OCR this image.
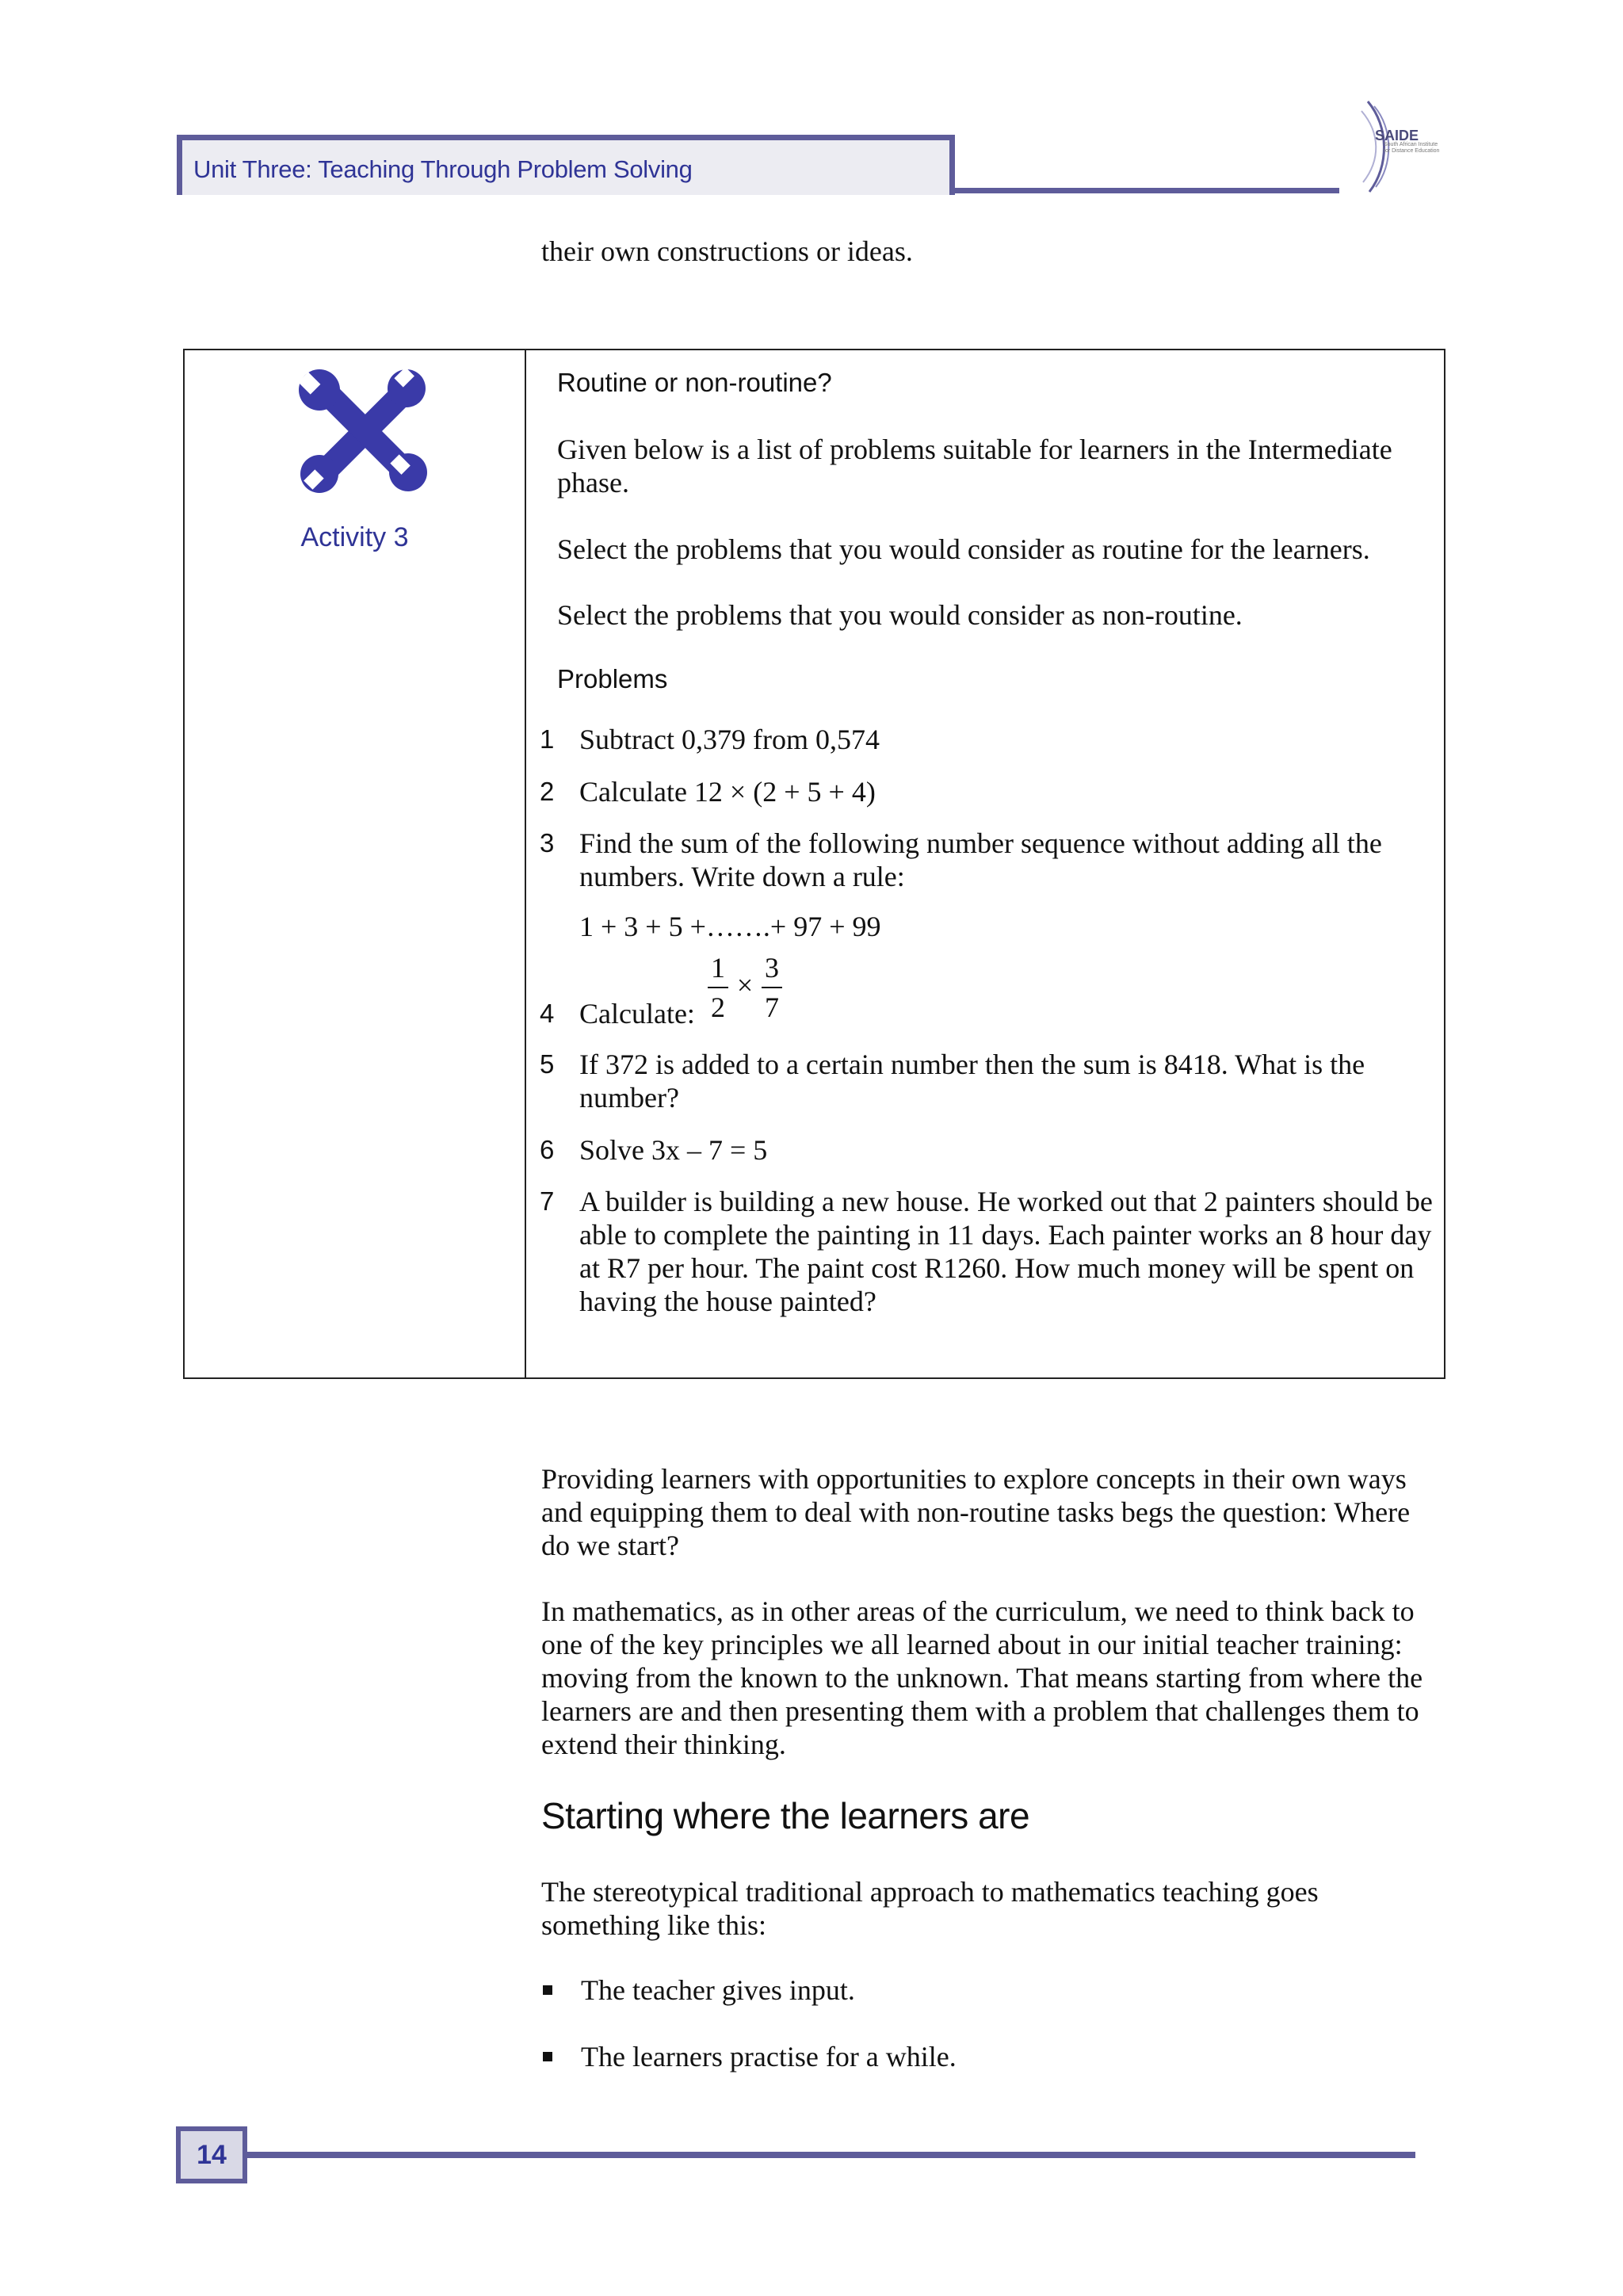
Unit Three: Teaching Through Problem Solving
South African Institute
for Distance Education
SAIDE
their own constructions or ideas.
Activity 3
Routine or non-routine?
Given below is a list of problems suitable for learners in the Intermediate phase.
Select the problems that you would consider as routine for the learners.
Select the problems that you would consider as non-routine.
Problems
1 Subtract 0,379 from 0,574
2 Calculate 12 × (2 + 5 + 4)
3 Find the sum of the following number sequence without adding all the numbers. Write down a rule:
1 + 3 + 5 +…….+ 97 + 99
4 Calculate:
1
2
×
3
7
5 If 372 is added to a certain number then the sum is 8418. What is the number?
6 Solve 3x – 7 = 5
7 A builder is building a new house. He worked out that 2 painters should be able to complete the painting in 11 days. Each painter works an 8 hour day at R7 per hour. The paint cost R1260. How much money will be spent on having the house painted?
Providing learners with opportunities to explore concepts in their own ways and equipping them to deal with non-routine tasks begs the question: Where do we start?
In mathematics, as in other areas of the curriculum, we need to think back to one of the key principles we all learned about in our initial teacher training: moving from the known to the unknown. That means starting from where the learners are and then presenting them with a problem that challenges them to extend their thinking.
Starting where the learners are
The stereotypical traditional approach to mathematics teaching goes something like this:
The teacher gives input.
The learners practise for a while.
14
